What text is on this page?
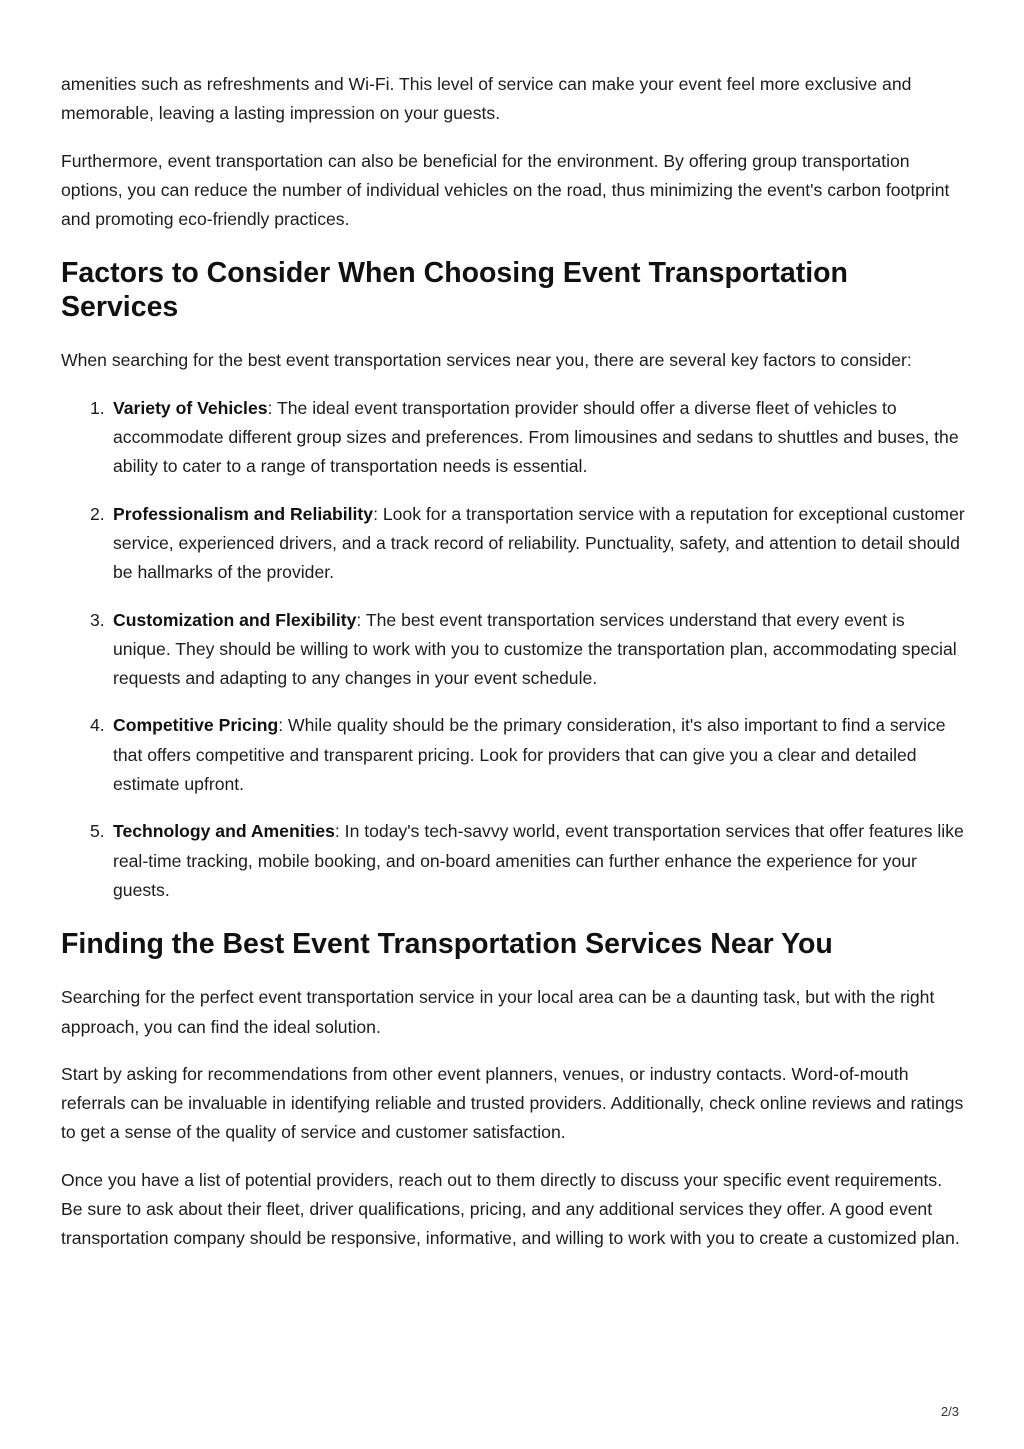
amenities such as refreshments and Wi-Fi. This level of service can make your event feel more exclusive and memorable, leaving a lasting impression on your guests.

Furthermore, event transportation can also be beneficial for the environment. By offering group transportation options, you can reduce the number of individual vehicles on the road, thus minimizing the event's carbon footprint and promoting eco-friendly practices.

Factors to Consider When Choosing Event Transportation Services

When searching for the best event transportation services near you, there are several key factors to consider:

1. Variety of Vehicles: The ideal event transportation provider should offer a diverse fleet of vehicles to accommodate different group sizes and preferences. From limousines and sedans to shuttles and buses, the ability to cater to a range of transportation needs is essential.
2. Professionalism and Reliability: Look for a transportation service with a reputation for exceptional customer service, experienced drivers, and a track record of reliability. Punctuality, safety, and attention to detail should be hallmarks of the provider.
3. Customization and Flexibility: The best event transportation services understand that every event is unique. They should be willing to work with you to customize the transportation plan, accommodating special requests and adapting to any changes in your event schedule.
4. Competitive Pricing: While quality should be the primary consideration, it's also important to find a service that offers competitive and transparent pricing. Look for providers that can give you a clear and detailed estimate upfront.
5. Technology and Amenities: In today's tech-savvy world, event transportation services that offer features like real-time tracking, mobile booking, and on-board amenities can further enhance the experience for your guests.
Finding the Best Event Transportation Services Near You

Searching for the perfect event transportation service in your local area can be a daunting task, but with the right approach, you can find the ideal solution.

Start by asking for recommendations from other event planners, venues, or industry contacts. Word-of-mouth referrals can be invaluable in identifying reliable and trusted providers. Additionally, check online reviews and ratings to get a sense of the quality of service and customer satisfaction.

Once you have a list of potential providers, reach out to them directly to discuss your specific event requirements. Be sure to ask about their fleet, driver qualifications, pricing, and any additional services they offer. A good event transportation company should be responsive, informative, and willing to work with you to create a customized plan.

2/3
